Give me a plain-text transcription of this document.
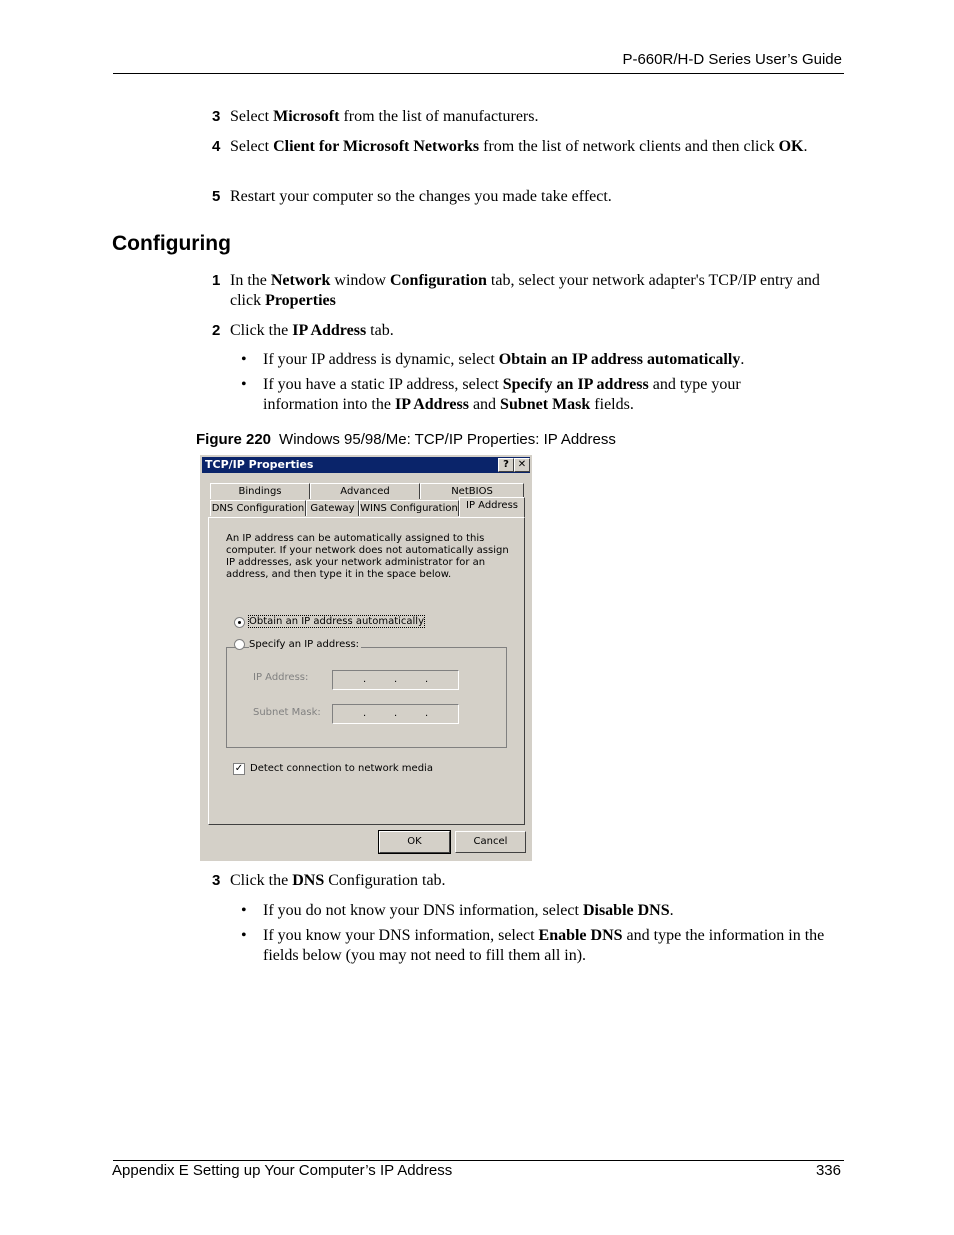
P-660R/H-D Series User’s Guide
3 Select Microsoft from the list of manufacturers.
4 Select Client for Microsoft Networks from the list of network clients and then click OK.
5 Restart your computer so the changes you made take effect.
Configuring
1 In the Network window Configuration tab, select your network adapter's TCP/IP entry and click Properties
2 Click the IP Address tab.
• If your IP address is dynamic, select Obtain an IP address automatically.
• If you have a static IP address, select Specify an IP address and type your information into the IP Address and Subnet Mask fields.
Figure 220 Windows 95/98/Me: TCP/IP Properties: IP Address
TCP/IP Properties	? ✕
Bindings	Advanced	NetBIOS
DNS Configuration Gateway WINS Configuration IP Address
An IP address can be automatically assigned to this computer. If your network does not automatically assign IP addresses, ask your network administrator for an address, and then type it in the space below.
Obtain an IP address automatically
Specify an IP address:
IP Address:	.	.	.
Subnet Mask:	.	.	.
✓ Detect connection to network media
OK	Cancel
3 Click the DNS Configuration tab.
• If you do not know your DNS information, select Disable DNS.
• If you know your DNS information, select Enable DNS and type the information in the fields below (you may not need to fill them all in).
Appendix E Setting up Your Computer’s IP Address	336
